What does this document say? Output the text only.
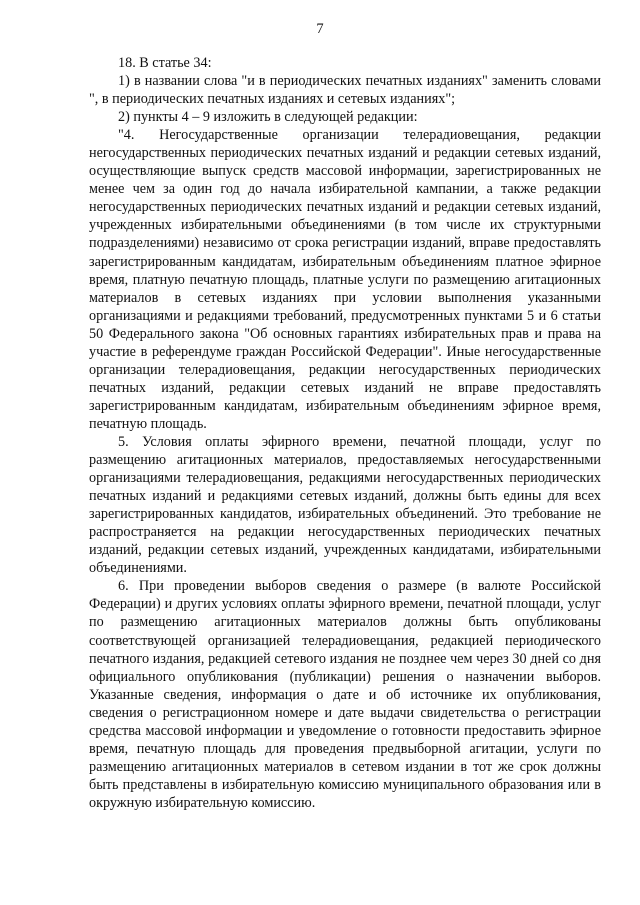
7

18. В статье 34:

1) в названии слова "и в периодических печатных изданиях" заменить словами ", в периодических печатных изданиях и сетевых изданиях";

2) пункты 4 – 9 изложить в следующей редакции:

"4. Негосударственные организации телерадиовещания, редакции негосударственных периодических печатных изданий и редакции сетевых изданий, осуществляющие выпуск средств массовой информации, зарегистрированных не менее чем за один год до начала избирательной кампании, а также редакции негосударственных периодических печатных изданий и редакции сетевых изданий, учрежденных избирательными объединениями (в том числе их структурными подразделениями) независимо от срока регистрации изданий, вправе предоставлять зарегистрированным кандидатам, избирательным объединениям платное эфирное время, платную печатную площадь, платные услуги по размещению агитационных материалов в сетевых изданиях при условии выполнения указанными организациями и редакциями требований, предусмотренных пунктами 5 и 6 статьи 50 Федерального закона "Об основных гарантиях избирательных прав и права на участие в референдуме граждан Российской Федерации". Иные негосударственные организации телерадиовещания, редакции негосударственных периодических печатных изданий, редакции сетевых изданий не вправе предоставлять зарегистрированным кандидатам, избирательным объединениям эфирное время, печатную площадь.

5. Условия оплаты эфирного времени, печатной площади, услуг по размещению агитационных материалов, предоставляемых негосударственными организациями телерадиовещания, редакциями негосударственных периодических печатных изданий и редакциями сетевых изданий, должны быть едины для всех зарегистрированных кандидатов, избирательных объединений. Это требование не распространяется на редакции негосударственных периодических печатных изданий, редакции сетевых изданий, учрежденных кандидатами, избирательными объединениями.

6. При проведении выборов сведения о размере (в валюте Российской Федерации) и других условиях оплаты эфирного времени, печатной площади, услуг по размещению агитационных материалов должны быть опубликованы соответствующей организацией телерадиовещания, редакцией периодического печатного издания, редакцией сетевого издания не позднее чем через 30 дней со дня официального опубликования (публикации) решения о назначении выборов. Указанные сведения, информация о дате и об источнике их опубликования, сведения о регистрационном номере и дате выдачи свидетельства о регистрации средства массовой информации и уведомление о готовности предоставить эфирное время, печатную площадь для проведения предвыборной агитации, услуги по размещению агитационных материалов в сетевом издании в тот же срок должны быть представлены в избирательную комиссию муниципального образования или в окружную избирательную комиссию.
